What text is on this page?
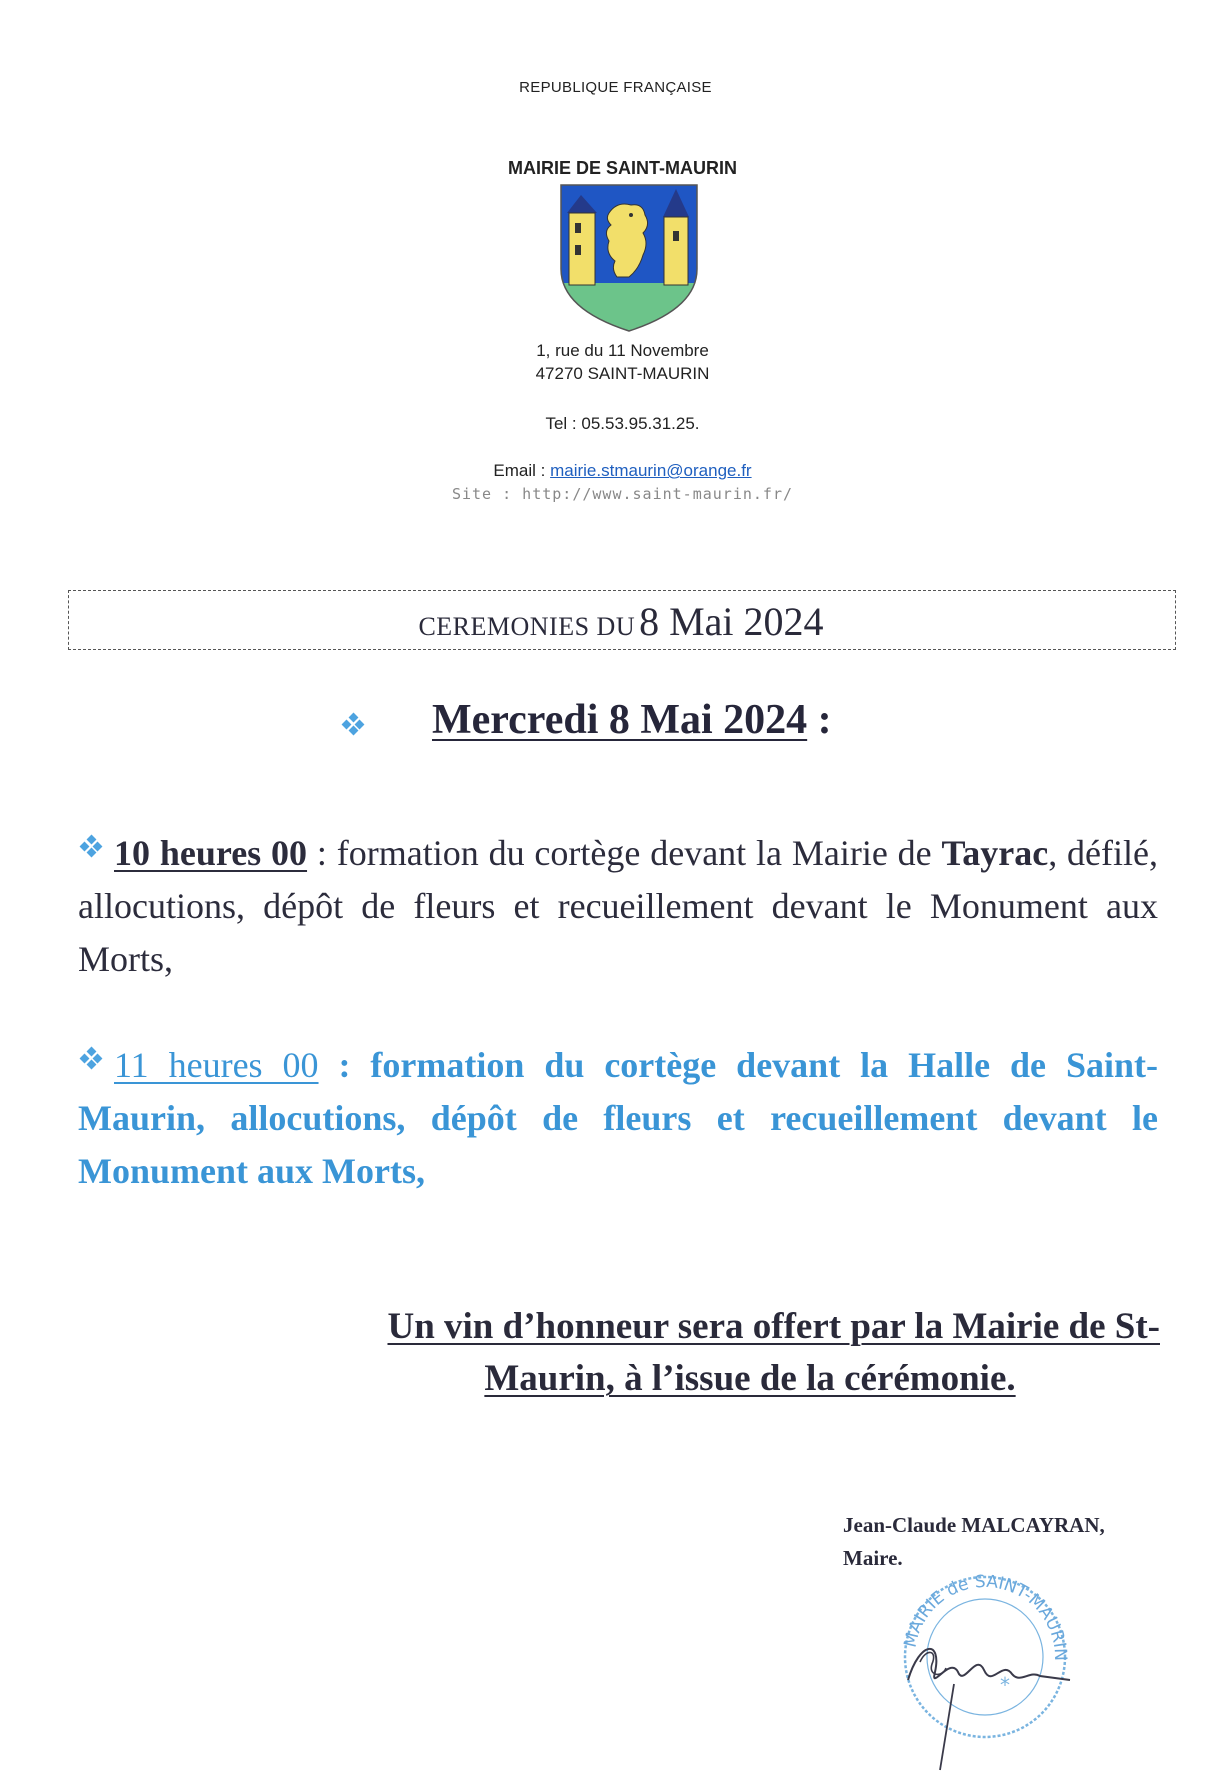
REPUBLIQUE FRANÇAISE
MAIRIE DE SAINT-MAURIN
1, rue du 11 Novembre
47270 SAINT-MAURIN
Tel : 05.53.95.31.25.
Email : mairie.stmaurin@orange.fr
Site : http://www.saint-maurin.fr/
CEREMONIES DU 8 Mai 2024
Mercredi 8 Mai 2024 :
10 heures 00 : formation du cortège devant la Mairie de Tayrac, défilé, allocutions, dépôt de fleurs et recueillement devant le Monument aux Morts,
11 heures 00 : formation du cortège devant la Halle de Saint-Maurin, allocutions, dépôt de fleurs et recueillement devant le Monument aux Morts,
Un vin d’honneur sera offert par la Mairie de St-
Maurin, à l’issue de la cérémonie.
Jean-Claude MALCAYRAN,
Maire.
MAIRIE de SAINT-MAURIN
*
